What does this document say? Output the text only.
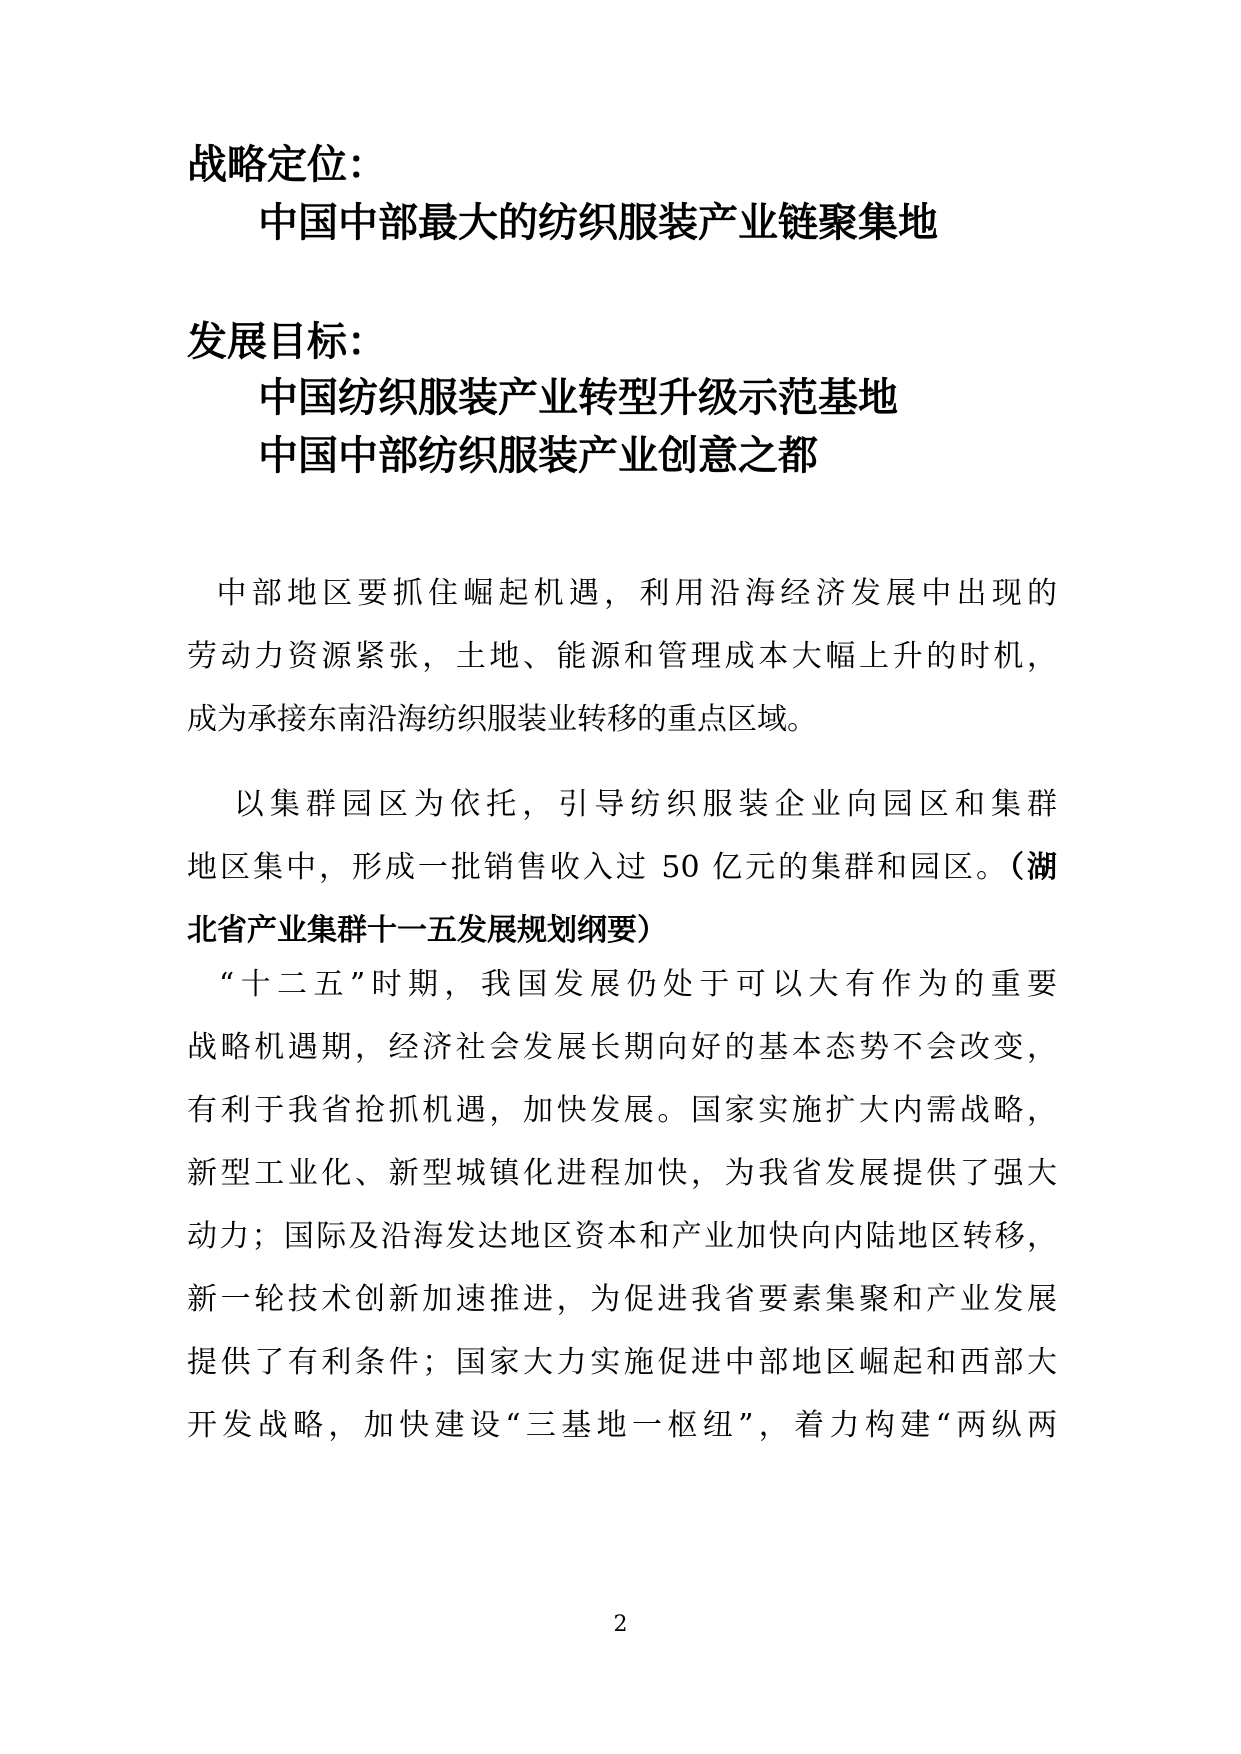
战略定位：
中国中部最大的纺织服装产业链聚集地
发展目标：
中国纺织服装产业转型升级示范基地
中国中部纺织服装产业创意之都
中部地区要抓住崛起机遇，利用沿海经济发展中出现的
劳动力资源紧张，土地、能源和管理成本大幅上升的时机，
成为承接东南沿海纺织服装业转移的重点区域。
以集群园区为依托，引导纺织服装企业向园区和集群
地区集中，形成一批销售收入过 50 亿元的集群和园区。（湖
北省产业集群十一五发展规划纲要）
“十二五”时期，我国发展仍处于可以大有作为的重要
战略机遇期，经济社会发展长期向好的基本态势不会改变，
有利于我省抢抓机遇，加快发展。国家实施扩大内需战略，
新型工业化、新型城镇化进程加快，为我省发展提供了强大
动力；国际及沿海发达地区资本和产业加快向内陆地区转移，
新一轮技术创新加速推进，为促进我省要素集聚和产业发展
提供了有利条件；国家大力实施促进中部地区崛起和西部大
开发战略，加快建设“三基地一枢纽”，着力构建“两纵两
2
